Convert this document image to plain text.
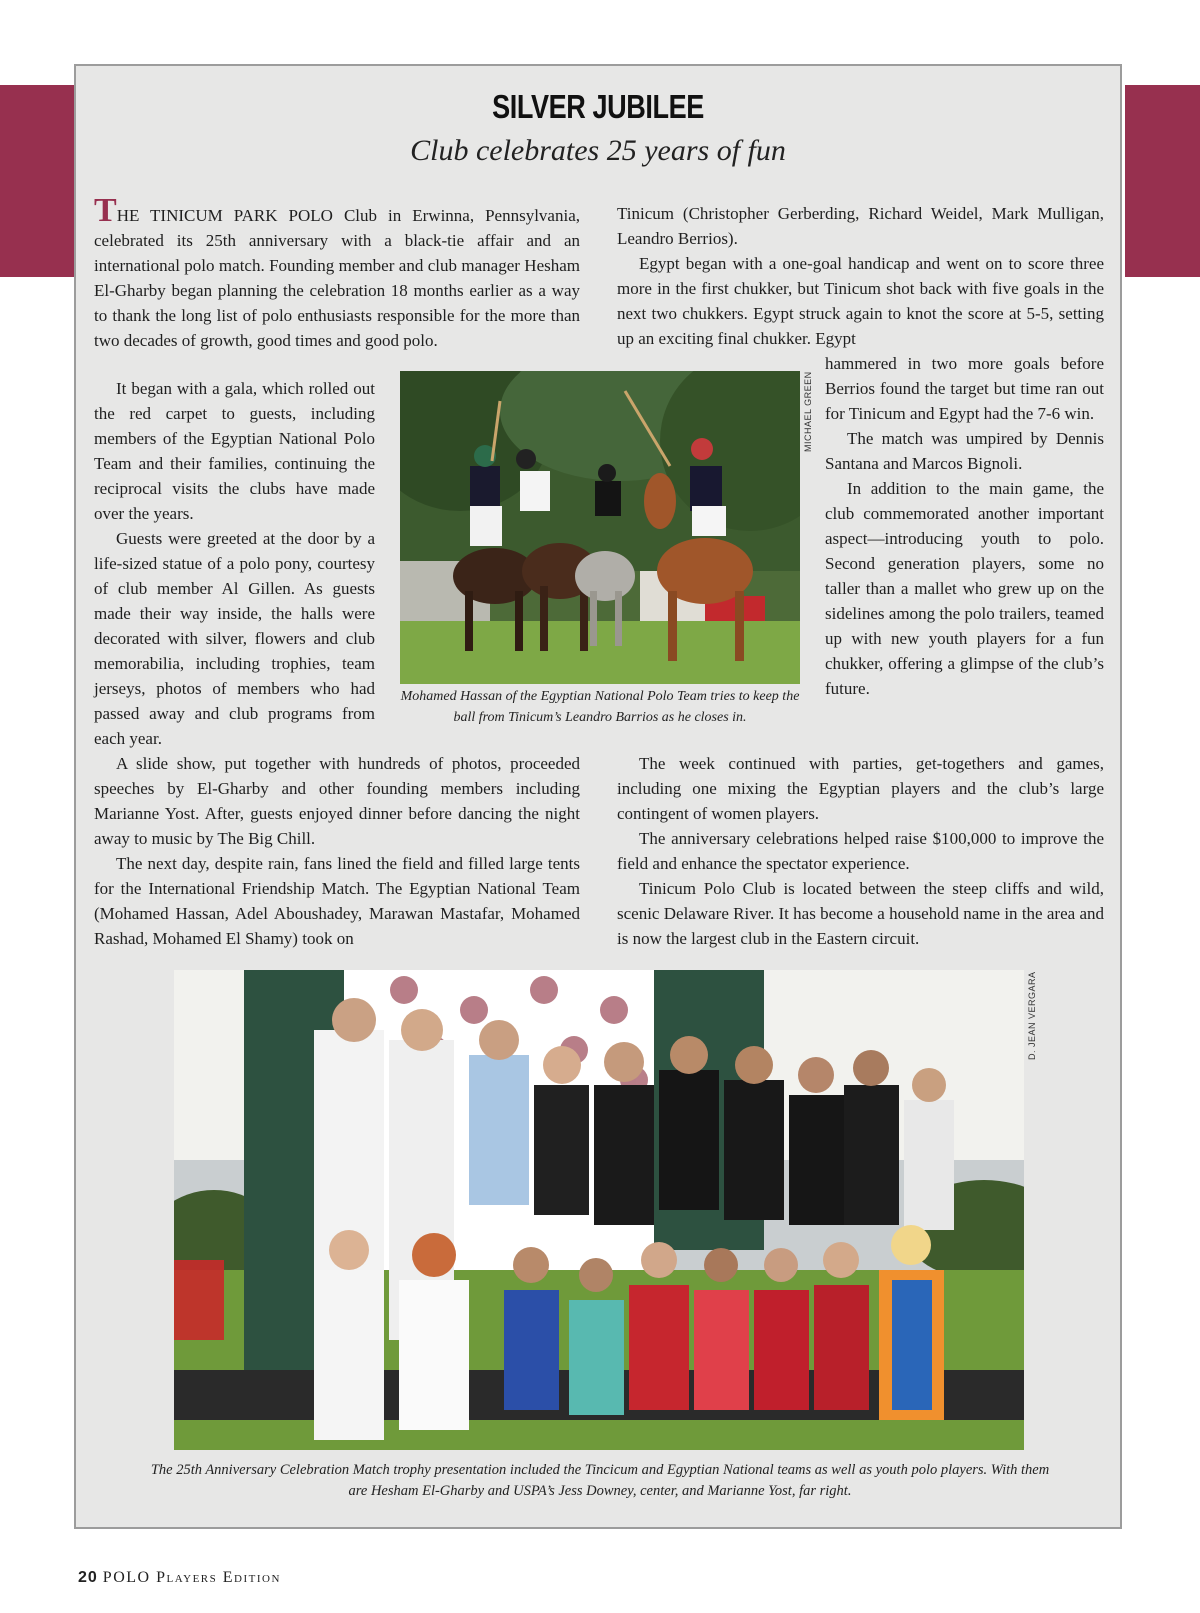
SILVER JUBILEE
Club celebrates 25 years of fun

THE TINICUM PARK POLO Club in Erwinna, Pennsylvania, celebrated its 25th anniversary with a black-tie affair and an international polo match. Founding member and club manager Hesham El-Gharby began planning the celebration 18 months earlier as a way to thank the long list of polo enthusiasts responsible for the more than two decades of growth, good times and good polo.

It began with a gala, which rolled out the red carpet to guests, including members of the Egyptian National Polo Team and their families, continuing the reciprocal visits the clubs have made over the years.

Guests were greeted at the door by a life-sized statue of a polo pony, courtesy of club member Al Gillen. As guests made their way inside, the halls were decorated with silver, flowers and club memorabilia, including trophies, team jerseys, photos of members who had passed away and club programs from each year.

A slide show, put together with hundreds of photos, proceeded speeches by El-Gharby and other founding members including Marianne Yost. After, guests enjoyed dinner before dancing the night away to music by The Big Chill.

The next day, despite rain, fans lined the field and filled large tents for the International Friendship Match. The Egyptian National Team (Mohamed Hassan, Adel Aboushadey, Marawan Mastafar, Mohamed Rashad, Mohamed El Shamy) took on

Tinicum (Christopher Gerberding, Richard Weidel, Mark Mulligan, Leandro Berrios).

Egypt began with a one-goal handicap and went on to score three more in the first chukker, but Tinicum shot back with five goals in the next two chukkers. Egypt struck again to knot the score at 5-5, setting up an exciting final chukker. Egypt

hammered in two more goals before Berrios found the target but time ran out for Tinicum and Egypt had the 7-6 win.

The match was umpired by Dennis Santana and Marcos Bignoli.

In addition to the main game, the club commemorated another important aspect—introducing youth to polo. Second generation players, some no taller than a mallet who grew up on the sidelines among the polo trailers, teamed up with new youth players for a fun chukker, offering a glimpse of the club’s future.

The week continued with parties, get-togethers and games, including one mixing the Egyptian players and the club’s large contingent of women players.

The anniversary celebrations helped raise $100,000 to improve the field and enhance the spectator experience.

Tinicum Polo Club is located between the steep cliffs and wild, scenic Delaware River. It has become a household name in the area and is now the largest club in the Eastern circuit.

MICHAEL GREEN
Mohamed Hassan of the Egyptian National Polo Team tries to keep the ball from Tinicum’s Leandro Barrios as he closes in.
D. JEAN VERGARA
The 25th Anniversary Celebration Match trophy presentation included the Tincicum and Egyptian National teams as well as youth polo players. With them are Hesham El-Gharby and USPA’s Jess Downey, center, and Marianne Yost, far right.
20 POLO Players Edition
